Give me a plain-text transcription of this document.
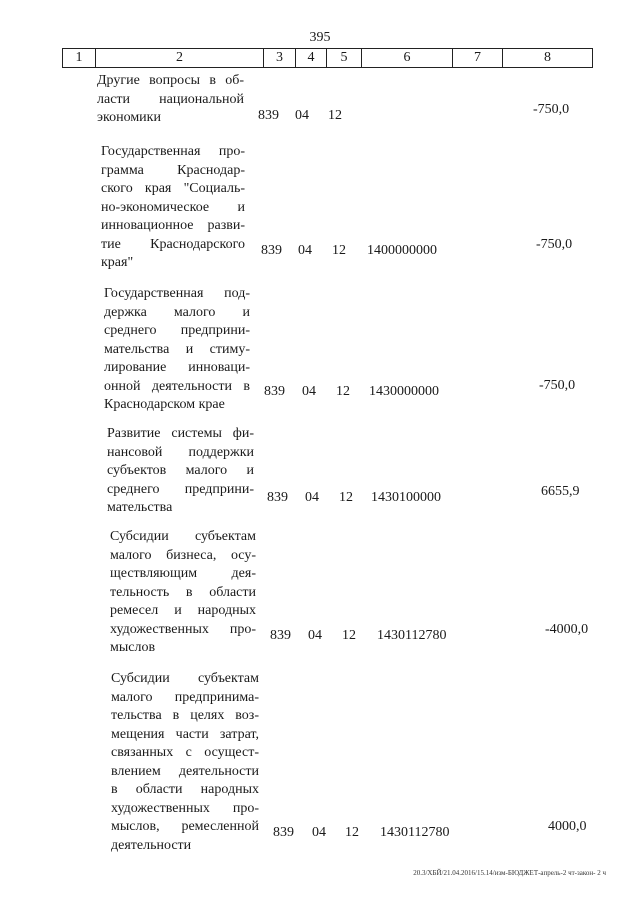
395
1	2	3	4	5	6	7	8
Другие вопросы в об-
ласти национальной
экономики	839 04 12	-750,0
Государственная про-
грамма Краснодар-
ского края "Социаль-
но-экономическое и
инновационное разви-
тие Краснодарского
края"
839 04 12 1400000000	-750,0
Государственная под-
держка малого и
среднего предприни-
мательства и стиму-
лирование инноваци-
онной деятельности в
Краснодарском крае
839 04 12 1430000000	-750,0
Развитие системы фи-
нансовой поддержки
субъектов малого и
среднего предприни-
мательства
839 04 12 1430100000	6655,9
Субсидии субъектам
малого бизнеса, осу-
ществляющим дея-
тельность в области
ремесел и народных
художественных про-
мыслов
839 04 12 1430112780	-4000,0
Субсидии субъектам
малого предпринима-
тельства в целях воз-
мещения части затрат,
связанных с осущест-
влением деятельности
в области народных
художественных про-
мыслов, ремесленной
деятельности
839 04 12 1430112780	4000,0
20.3/ХБЙ/21.04.2016/15.14/изм-БЮДЖЕТ-апрель-2 чт-закон- 2 ч
